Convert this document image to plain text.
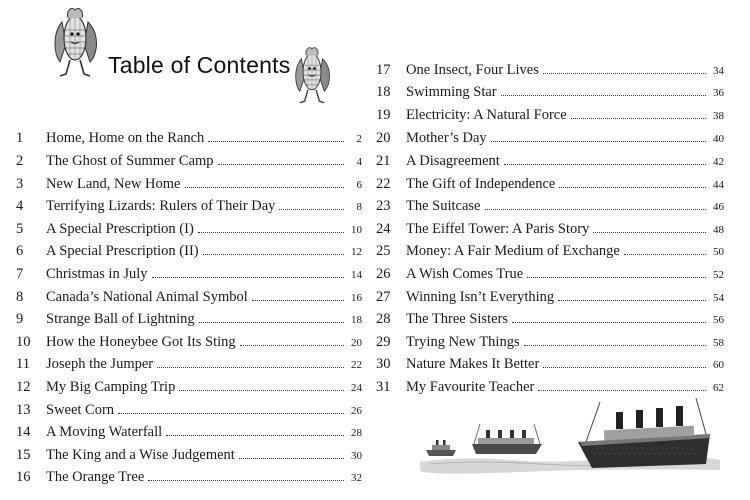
Table of Contents
1	Home, Home on the Ranch	2
2	The Ghost of Summer Camp	4
3	New Land, New Home	6
4	Terrifying Lizards: Rulers of Their Day	8
5	A Special Prescription (I)	10
6	A Special Prescription (II)	12
7	Christmas in July	14
8	Canada’s National Animal Symbol	16
9	Strange Ball of Lightning	18
10	How the Honeybee Got Its Sting	20
11	Joseph the Jumper	22
12	My Big Camping Trip	24
13	Sweet Corn	26
14	A Moving Waterfall	28
15	The King and a Wise Judgement	30
16	The Orange Tree	32
17	One Insect, Four Lives	34
18	Swimming Star	36
19	Electricity: A Natural Force	38
20	Mother’s Day	40
21	A Disagreement	42
22	The Gift of Independence	44
23	The Suitcase	46
24	The Eiffel Tower: A Paris Story	48
25	Money: A Fair Medium of Exchange	50
26	A Wish Comes True	52
27	Winning Isn’t Everything	54
28	The Three Sisters	56
29	Trying New Things	58
30	Nature Makes It Better	60
31	My Favourite Teacher	62
